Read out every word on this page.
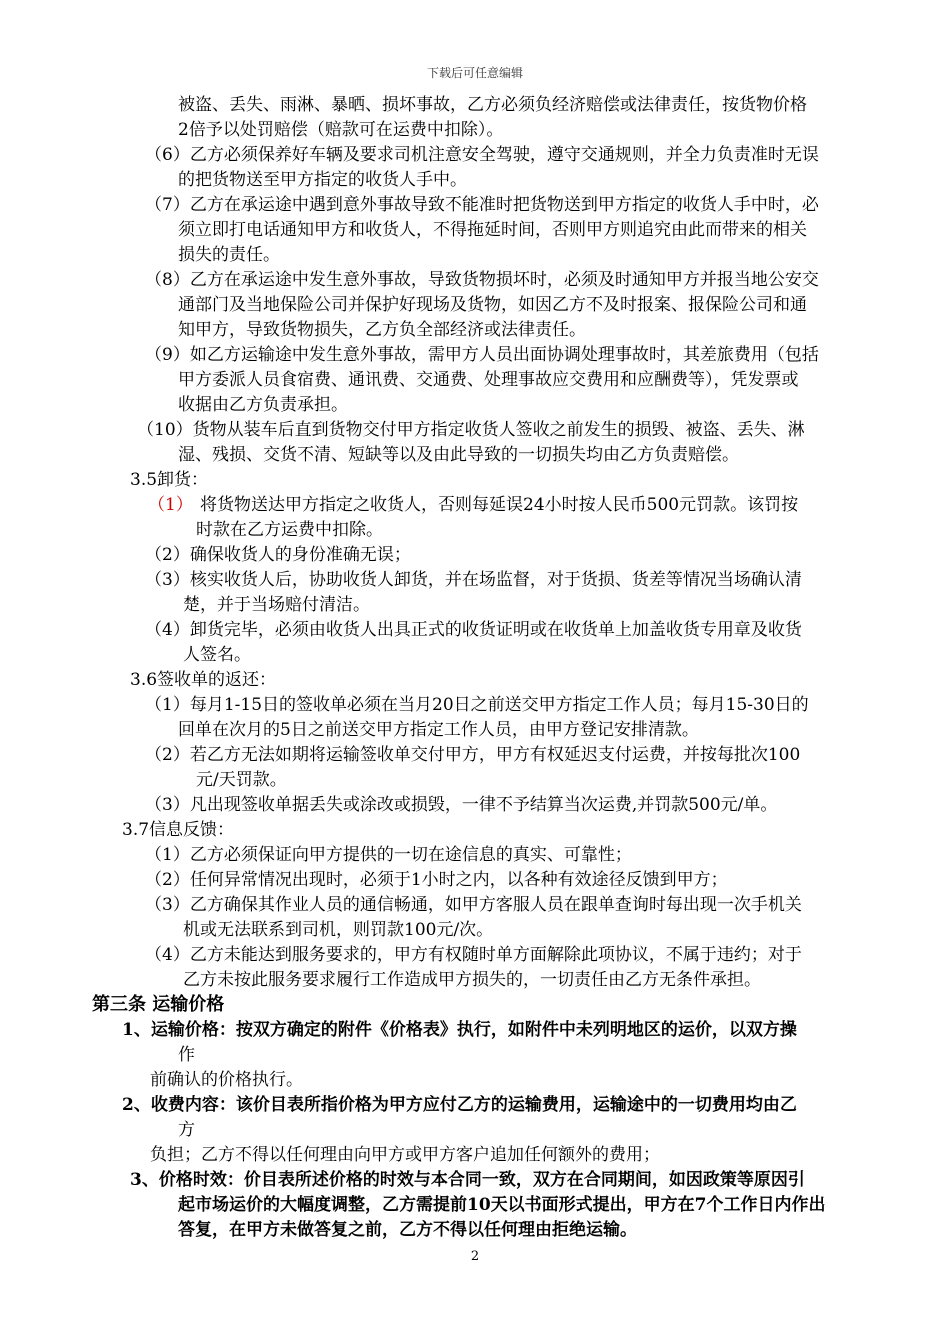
下载后可任意编辑
被盗、丢失、雨淋、暴晒、损坏事故，乙方必须负经济赔偿或法律责任，按货物价格
2倍予以处罚赔偿（赔款可在运费中扣除）。
（6）乙方必须保养好车辆及要求司机注意安全驾驶，遵守交通规则，并全力负责准时无误
的把货物送至甲方指定的收货人手中。
（7）乙方在承运途中遇到意外事故导致不能准时把货物送到甲方指定的收货人手中时，必
须立即打电话通知甲方和收货人，不得拖延时间，否则甲方则追究由此而带来的相关
损失的责任。
（8）乙方在承运途中发生意外事故，导致货物损坏时，必须及时通知甲方并报当地公安交
通部门及当地保险公司并保护好现场及货物，如因乙方不及时报案、报保险公司和通
知甲方，导致货物损失，乙方负全部经济或法律责任。
（9）如乙方运输途中发生意外事故，需甲方人员出面协调处理事故时，其差旅费用（包括
甲方委派人员食宿费、通讯费、交通费、处理事故应交费用和应酬费等），凭发票或
收据由乙方负责承担。
（10）货物从装车后直到货物交付甲方指定收货人签收之前发生的损毁、被盗、丢失、淋
湿、残损、交货不清、短缺等以及由此导致的一切损失均由乙方负责赔偿。
3.5卸货：
（1） 将货物送达甲方指定之收货人，否则每延误24小时按人民币500元罚款。该罚按
时款在乙方运费中扣除。
（2）确保收货人的身份准确无误；
（3）核实收货人后，协助收货人卸货，并在场监督，对于货损、货差等情况当场确认清
楚，并于当场赔付清洁。
（4）卸货完毕，必须由收货人出具正式的收货证明或在收货单上加盖收货专用章及收货
人签名。
3.6签收单的返还：
（1）每月1-15日的签收单必须在当月20日之前送交甲方指定工作人员；每月15-30日的
回单在次月的5日之前送交甲方指定工作人员，由甲方登记安排清款。
（2）若乙方无法如期将运输签收单交付甲方，甲方有权延迟支付运费，并按每批次100
元/天罚款。
（3）凡出现签收单据丢失或涂改或损毁，一律不予结算当次运费,并罚款500元/单。
3.7信息反馈：
（1）乙方必须保证向甲方提供的一切在途信息的真实、可靠性；
（2）任何异常情况出现时，必须于1小时之内，以各种有效途径反馈到甲方；
（3）乙方确保其作业人员的通信畅通，如甲方客服人员在跟单查询时每出现一次手机关
机或无法联系到司机，则罚款100元/次。
（4）乙方未能达到服务要求的，甲方有权随时单方面解除此项协议，不属于违约；对于
乙方未按此服务要求履行工作造成甲方损失的，一切责任由乙方无条件承担。
第三条 运输价格
1、运输价格：按双方确定的附件《价格表》执行，如附件中未列明地区的运价，以双方操
作
前确认的价格执行。
2、收费内容：该价目表所指价格为甲方应付乙方的运输费用，运输途中的一切费用均由乙
方
负担；乙方不得以任何理由向甲方或甲方客户追加任何额外的费用；
3、价格时效：价目表所述价格的时效与本合同一致，双方在合同期间，如因政策等原因引
起市场运价的大幅度调整，乙方需提前10天以书面形式提出，甲方在7个工作日内作出
答复，在甲方未做答复之前，乙方不得以任何理由拒绝运输。
2
